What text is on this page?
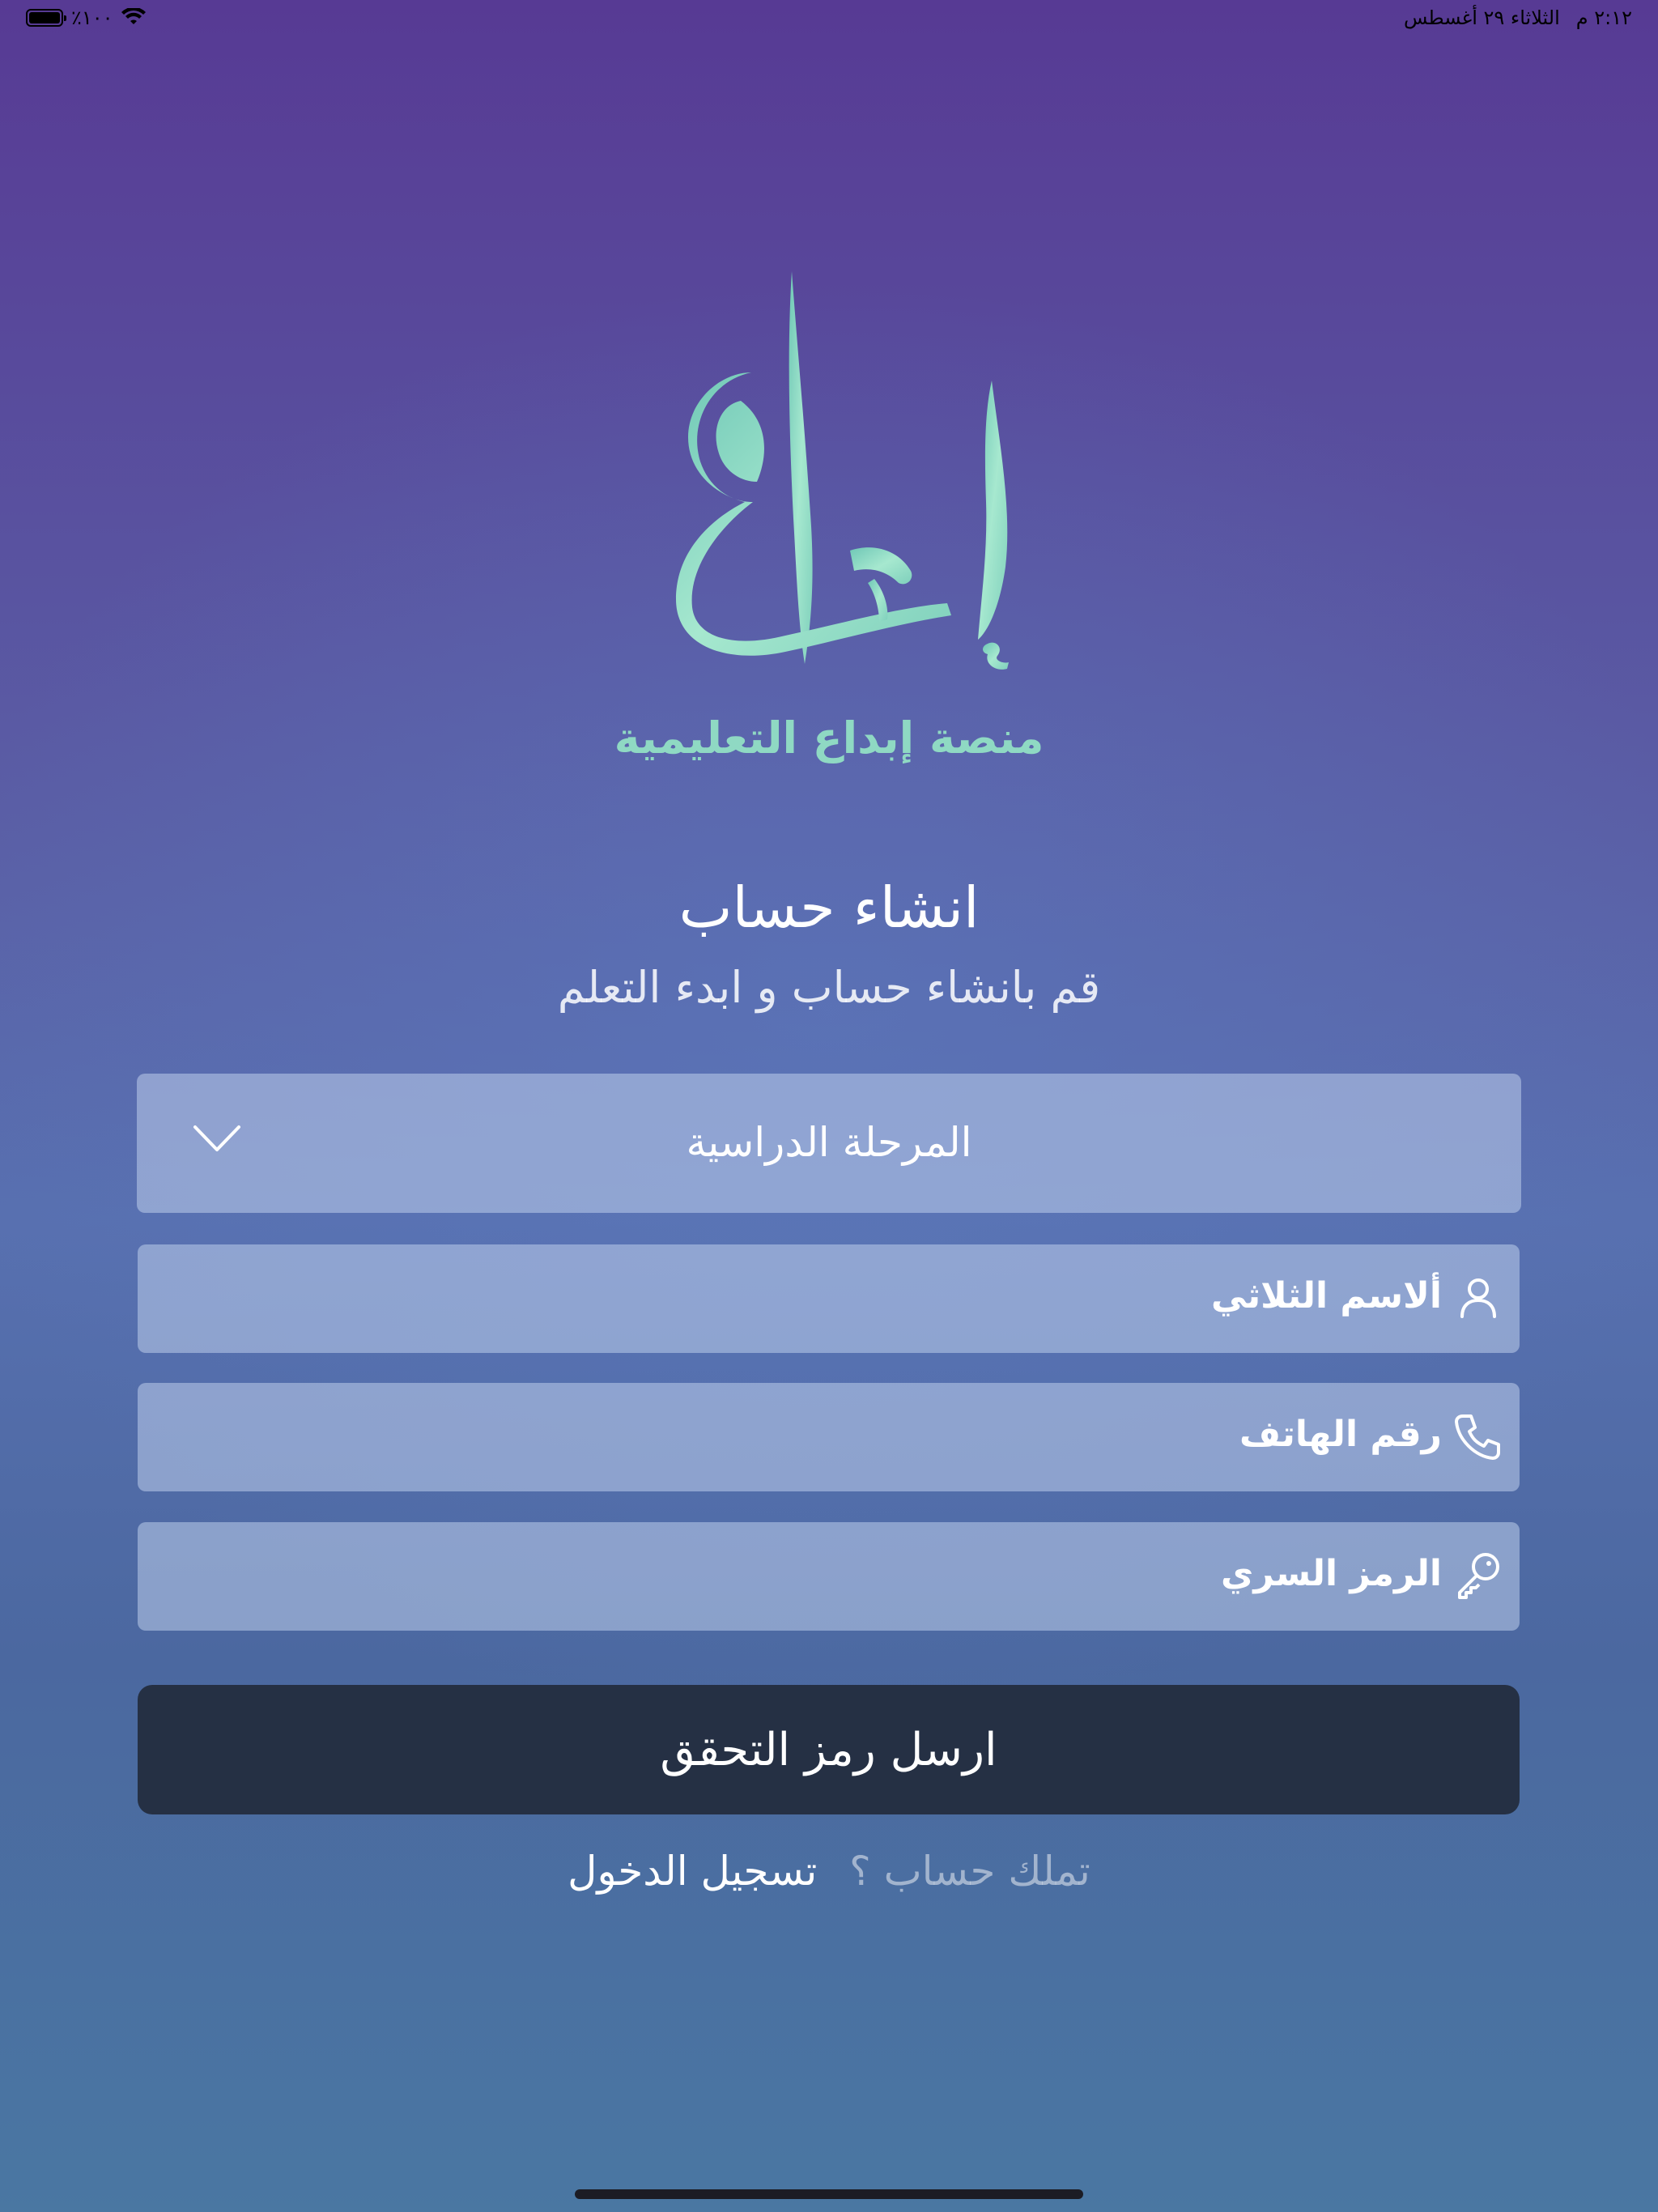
٪١٠٠	٢:١٢ م
الثلاثاء ٢٩ أغسطس
منصة إبداع التعليمية
انشاء حساب
قم بانشاء حساب و ابدء التعلم
المرحلة الدراسية
ألاسم الثلاثي
رقم الهاتف
الرمز السري
ارسل رمز التحقق
تملك حساب ؟ تسجيل الدخول
